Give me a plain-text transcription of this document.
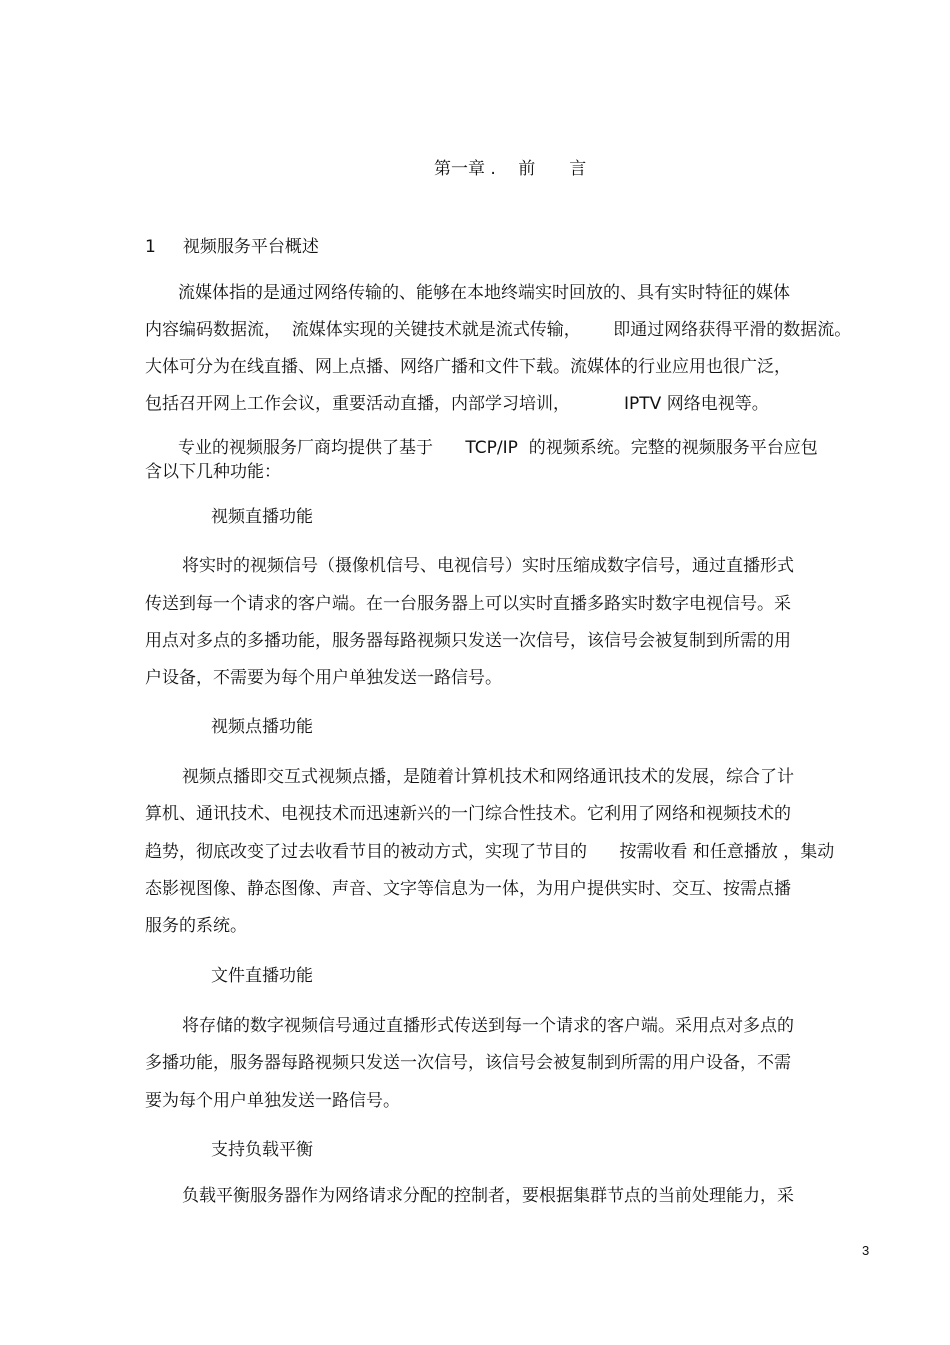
第一章 .　 前　　言
1 视频服务平台概述
流媒体指的是通过网络传输的、能够在本地终端实时回放的、具有实时特征的媒体
内容编码数据流，  流媒体实现的关键技术就是流式传输，      即通过网络获得平滑的数据流。
大体可分为在线直播、网上点播、网络广播和文件下载。流媒体的行业应用也很广泛，
包括召开网上工作会议，重要活动直播，内部学习培训，          IPTV 网络电视等。
专业的视频服务厂商均提供了基于      TCP/IP  的视频系统。完整的视频服务平台应包
含以下几种功能：
视频直播功能
将实时的视频信号（摄像机信号、电视信号）实时压缩成数字信号，通过直播形式
传送到每一个请求的客户端。在一台服务器上可以实时直播多路实时数字电视信号。采
用点对多点的多播功能，服务器每路视频只发送一次信号，该信号会被复制到所需的用
户设备，不需要为每个用户单独发送一路信号。
视频点播功能
视频点播即交互式视频点播，是随着计算机技术和网络通讯技术的发展，综合了计
算机、通讯技术、电视技术而迅速新兴的一门综合性技术。它利用了网络和视频技术的
趋势，彻底改变了过去收看节目的被动方式，实现了节目的      按需收看 和任意播放 ，集动
态影视图像、静态图像、声音、文字等信息为一体，为用户提供实时、交互、按需点播
服务的系统。
文件直播功能
将存储的数字视频信号通过直播形式传送到每一个请求的客户端。采用点对多点的
多播功能，服务器每路视频只发送一次信号，该信号会被复制到所需的用户设备，不需
要为每个用户单独发送一路信号。
支持负载平衡
负载平衡服务器作为网络请求分配的控制者，要根据集群节点的当前处理能力，采
3
